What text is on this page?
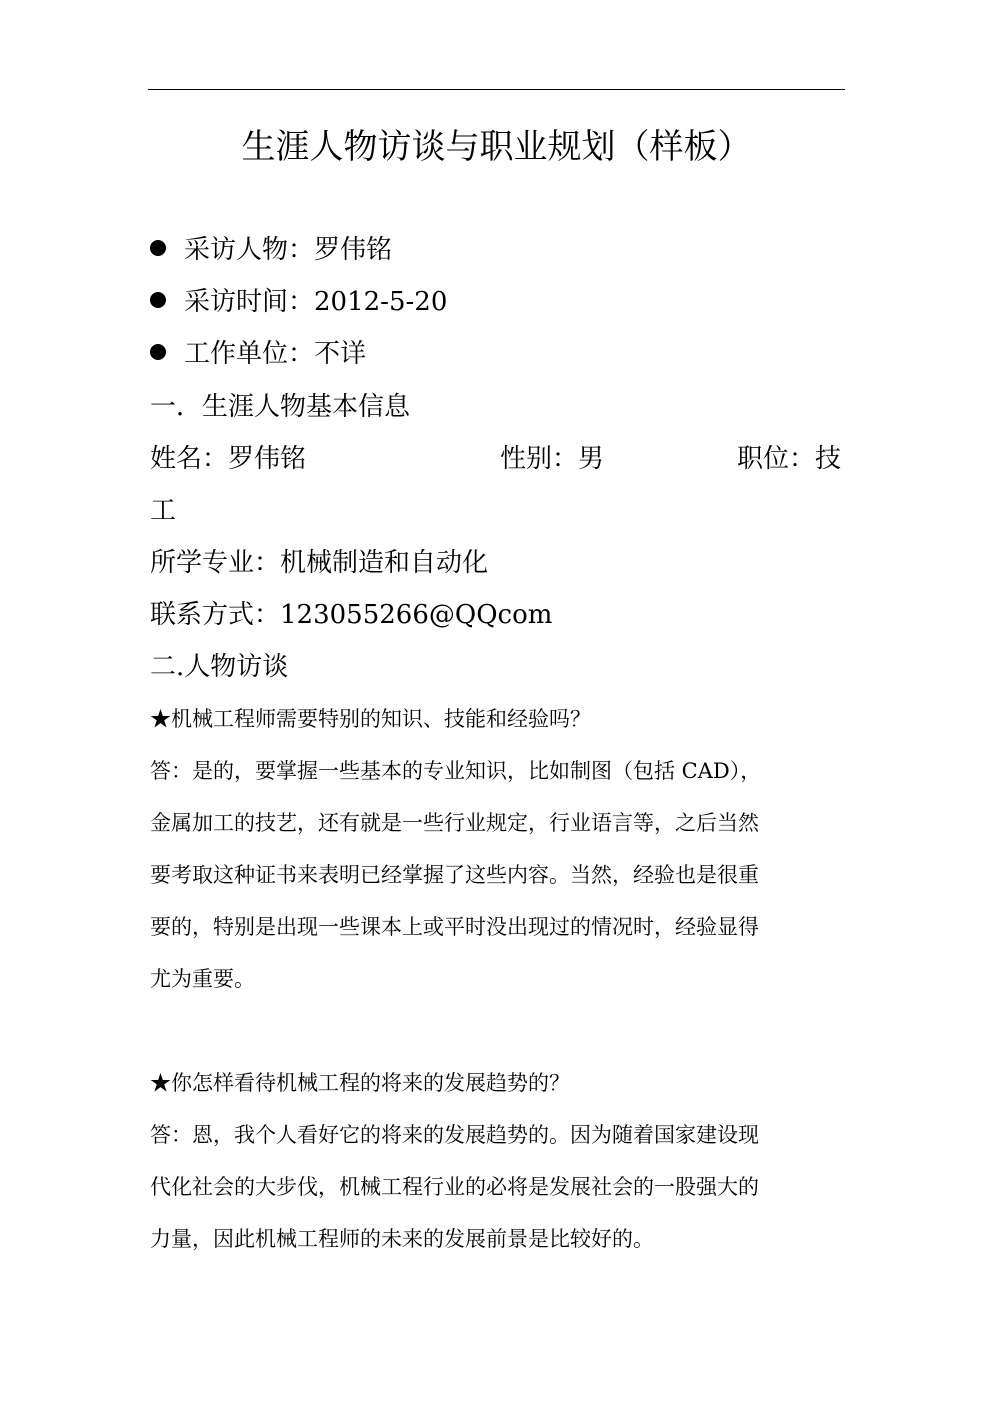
生涯人物访谈与职业规划（样板）
采访人物：罗伟铭
采访时间：2012-5-20
工作单位：不详
一．生涯人物基本信息
姓名：罗伟铭	性别：男	职位：技
工
所学专业：机械制造和自动化
联系方式：123055266@QQcom
二.人物访谈
★机械工程师需要特别的知识、技能和经验吗？
答：是的，要掌握一些基本的专业知识，比如制图（包括 CAD），
金属加工的技艺，还有就是一些行业规定，行业语言等，之后当然
要考取这种证书来表明已经掌握了这些内容。当然，经验也是很重
要的，特别是出现一些课本上或平时没出现过的情况时，经验显得
尤为重要。
★你怎样看待机械工程的将来的发展趋势的？
答：恩，我个人看好它的将来的发展趋势的。因为随着国家建设现
代化社会的大步伐，机械工程行业的必将是发展社会的一股强大的
力量，因此机械工程师的未来的发展前景是比较好的。
